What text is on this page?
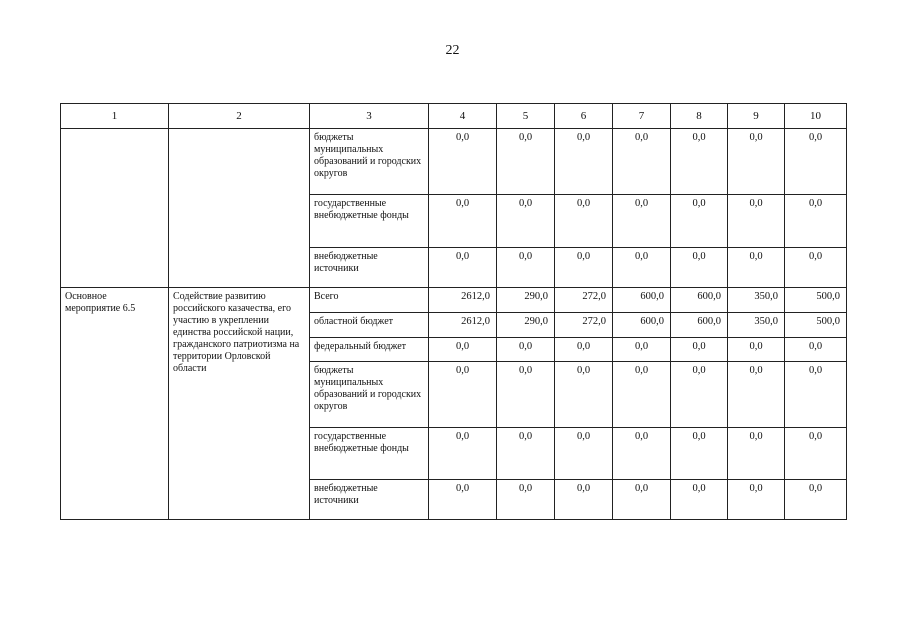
22
1	2	3	4	5	6	7	8	9	10
		бюджеты муниципальных образований и городских округов	0,0	0,0	0,0	0,0	0,0	0,0	0,0
		государственные внебюджетные фонды	0,0	0,0	0,0	0,0	0,0	0,0	0,0
		внебюджетные источники	0,0	0,0	0,0	0,0	0,0	0,0	0,0
Основное мероприятие 6.5	Содействие развитию российского казачества, его участию в укреплении единства российской нации, гражданского патриотизма на территории Орловской области	Всего	2612,0	290,0	272,0	600,0	600,0	350,0	500,0
		областной бюджет	2612,0	290,0	272,0	600,0	600,0	350,0	500,0
		федеральный бюджет	0,0	0,0	0,0	0,0	0,0	0,0	0,0
		бюджеты муниципальных образований и городских округов	0,0	0,0	0,0	0,0	0,0	0,0	0,0
		государственные внебюджетные фонды	0,0	0,0	0,0	0,0	0,0	0,0	0,0
		внебюджетные источники	0,0	0,0	0,0	0,0	0,0	0,0	0,0
